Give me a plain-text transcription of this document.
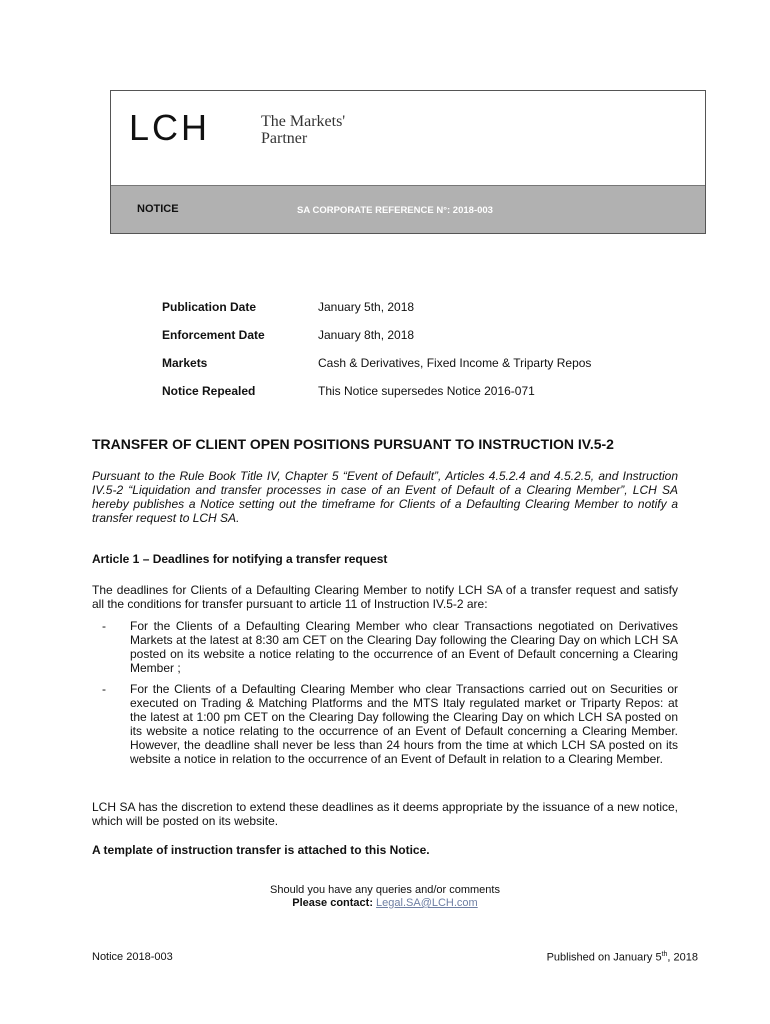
LCH	The Markets'
Partner
NOTICE	SA CORPORATE REFERENCE N°: 2018-003
Publication Date	January 5th, 2018
Enforcement Date	January 8th, 2018
Markets	Cash & Derivatives, Fixed Income & Triparty Repos
Notice Repealed	This Notice supersedes Notice 2016-071
TRANSFER OF CLIENT OPEN POSITIONS PURSUANT TO INSTRUCTION IV.5-2
Pursuant to the Rule Book Title IV, Chapter 5 “Event of Default”, Articles 4.5.2.4 and 4.5.2.5, and Instruction IV.5-2 “Liquidation and transfer processes in case of an Event of Default of a Clearing Member”, LCH SA hereby publishes a Notice setting out the timeframe for Clients of a Defaulting Clearing Member to notify a transfer request to LCH SA.
Article 1 – Deadlines for notifying a transfer request
The deadlines for Clients of a Defaulting Clearing Member to notify LCH SA of a transfer request and satisfy all the conditions for transfer pursuant to article 11 of Instruction IV.5-2 are:
- For the Clients of a Defaulting Clearing Member who clear Transactions negotiated on Derivatives Markets at the latest at 8:30 am CET on the Clearing Day following the Clearing Day on which LCH SA posted on its website a notice relating to the occurrence of an Event of Default concerning a Clearing Member ;
- For the Clients of a Defaulting Clearing Member who clear Transactions carried out on Securities or executed on Trading & Matching Platforms and the MTS Italy regulated market or Triparty Repos: at the latest at 1:00 pm CET on the Clearing Day following the Clearing Day on which LCH SA posted on its website a notice relating to the occurrence of an Event of Default concerning a Clearing Member. However, the deadline shall never be less than 24 hours from the time at which LCH SA posted on its website a notice in relation to the occurrence of an Event of Default in relation to a Clearing Member.
LCH SA has the discretion to extend these deadlines as it deems appropriate by the issuance of a new notice, which will be posted on its website.
A template of instruction transfer is attached to this Notice.
Should you have any queries and/or comments
Please contact: Legal.SA@LCH.com
Notice 2018-003	Published on January 5th, 2018
